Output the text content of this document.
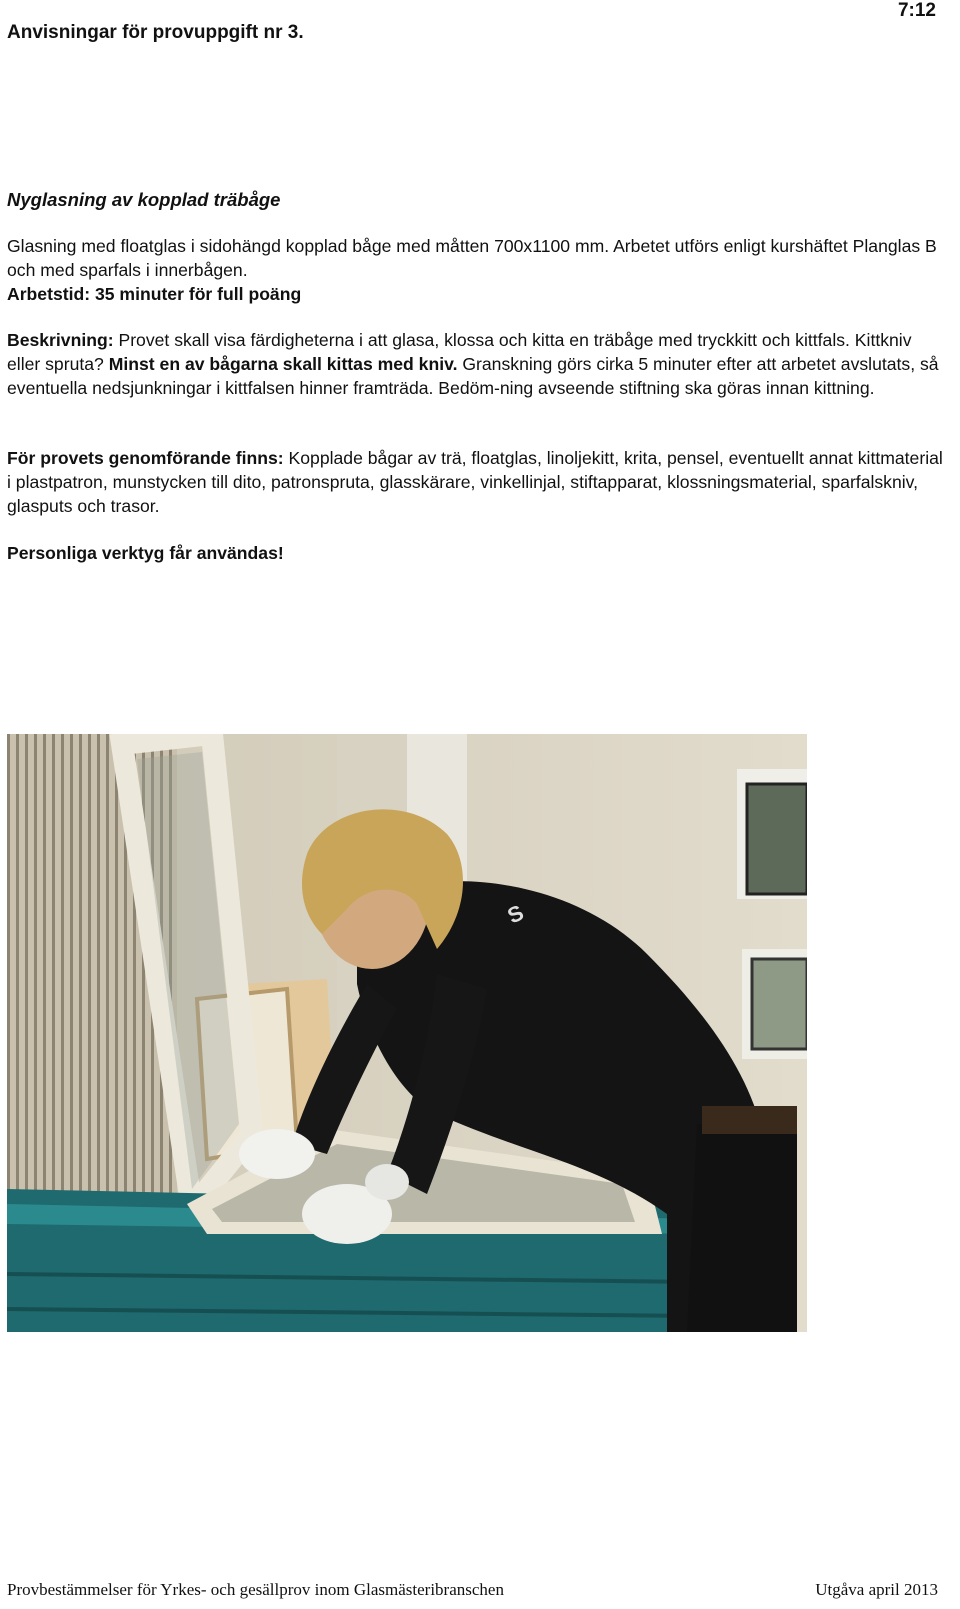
Anvisningar för provuppgift nr 3.
7:12
Nyglasning av kopplad träbåge
Glasning med floatglas i sidohängd kopplad båge med måtten 700x1100 mm. Arbetet utförs enligt kurshäftet Planglas B och med sparfals i innerbågen.
Arbetstid: 35 minuter för full poäng
Beskrivning: Provet skall visa färdigheterna i att glasa, klossa och kitta en träbåge med tryckkitt och kittfals. Kittkniv eller spruta? Minst en av bågarna skall kittas med kniv. Granskning görs cirka 5 minuter efter att arbetet avslutats, så eventuella nedsjunkningar i kittfalsen hinner framträda. Bedöm-ning avseende stiftning ska göras innan kittning.
För provets genomförande finns: Kopplade bågar av trä, floatglas, linoljekitt, krita, pensel, eventuellt annat kittmaterial i plastpatron, munstycken till dito, patronspruta, glasskärare, vinkellinjal, stiftapparat, klossningsmaterial, sparfalskniv, glasputs och trasor.
Personliga verktyg får användas!
S
Provbestämmelser för Yrkes- och gesällprov inom Glasmästeribranschen	Utgåva april 2013
